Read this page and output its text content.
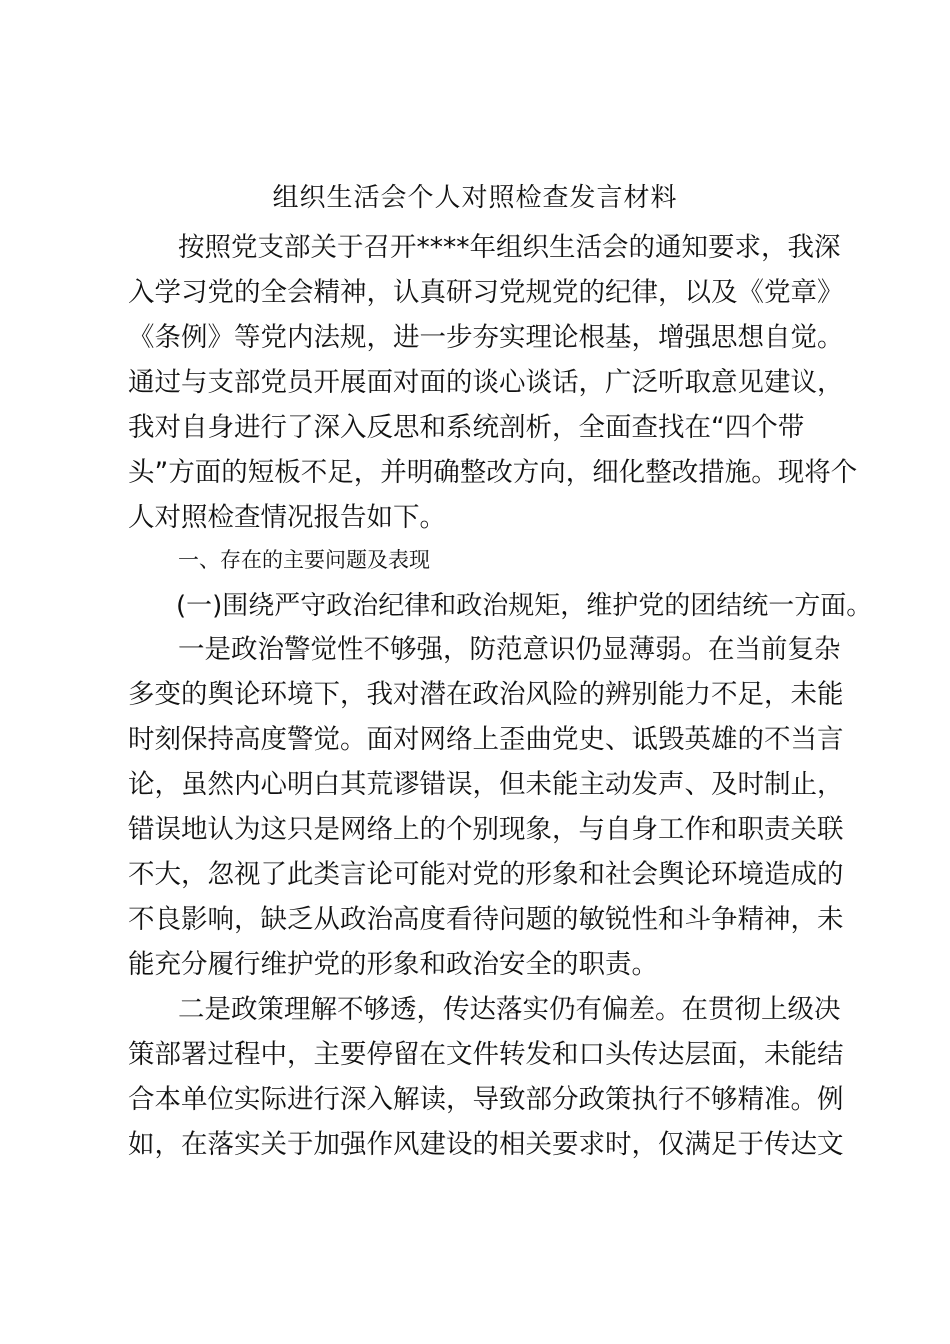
组织生活会个人对照检查发言材料
按照党支部关于召开****年组织生活会的通知要求，我深
入学习党的全会精神，认真研习党规党的纪律，以及《党章》
《条例》等党内法规，进一步夯实理论根基，增强思想自觉。
通过与支部党员开展面对面的谈心谈话，广泛听取意见建议，
我对自身进行了深入反思和系统剖析，全面查找在“四个带
头”方面的短板不足，并明确整改方向，细化整改措施。现将个
人对照检查情况报告如下。
一、存在的主要问题及表现
(一)围绕严守政治纪律和政治规矩，维护党的团结统一方面。
一是政治警觉性不够强，防范意识仍显薄弱。在当前复杂
多变的舆论环境下，我对潜在政治风险的辨别能力不足，未能
时刻保持高度警觉。面对网络上歪曲党史、诋毁英雄的不当言
论，虽然内心明白其荒谬错误，但未能主动发声、及时制止，
错误地认为这只是网络上的个别现象，与自身工作和职责关联
不大，忽视了此类言论可能对党的形象和社会舆论环境造成的
不良影响，缺乏从政治高度看待问题的敏锐性和斗争精神，未
能充分履行维护党的形象和政治安全的职责。
二是政策理解不够透，传达落实仍有偏差。在贯彻上级决
策部署过程中，主要停留在文件转发和口头传达层面，未能结
合本单位实际进行深入解读，导致部分政策执行不够精准。例
如，在落实关于加强作风建设的相关要求时，仅满足于传达文
